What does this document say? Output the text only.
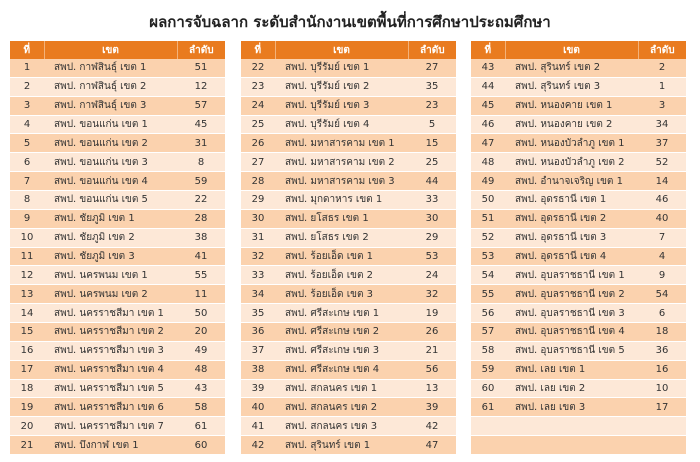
ผลการจับฉลาก ระดับสำนักงานเขตพื้นที่การศึกษาประถมศึกษา
ที่	เขต	ลำดับ
1	สพป. กาฬสินธุ์ เขต 1	51
2	สพป. กาฬสินธุ์ เขต 2	12
3	สพป. กาฬสินธุ์ เขต 3	57
4	สพป. ขอนแก่น เขต 1	45
5	สพป. ขอนแก่น เขต 2	31
6	สพป. ขอนแก่น เขต 3	8
7	สพป. ขอนแก่น เขต 4	59
8	สพป. ขอนแก่น เขต 5	22
9	สพป. ชัยภูมิ เขต 1	28
10	สพป. ชัยภูมิ เขต 2	38
11	สพป. ชัยภูมิ เขต 3	41
12	สพป. นครพนม เขต 1	55
13	สพป. นครพนม เขต 2	11
14	สพป. นครราชสีมา เขต 1	50
15	สพป. นครราชสีมา เขต 2	20
16	สพป. นครราชสีมา เขต 3	49
17	สพป. นครราชสีมา เขต 4	48
18	สพป. นครราชสีมา เขต 5	43
19	สพป. นครราชสีมา เขต 6	58
20	สพป. นครราชสีมา เขต 7	61
21	สพป. บึงกาฬ เขต 1	60
ที่	เขต	ลำดับ
22	สพป. บุรีรัมย์ เขต 1	27
23	สพป. บุรีรัมย์ เขต 2	35
24	สพป. บุรีรัมย์ เขต 3	23
25	สพป. บุรีรัมย์ เขต 4	5
26	สพป. มหาสารคาม เขต 1	15
27	สพป. มหาสารคาม เขต 2	25
28	สพป. มหาสารคาม เขต 3	44
29	สพป. มุกดาหาร เขต 1	33
30	สพป. ยโสธร เขต 1	30
31	สพป. ยโสธร เขต 2	29
32	สพป. ร้อยเอ็ด เขต 1	53
33	สพป. ร้อยเอ็ด เขต 2	24
34	สพป. ร้อยเอ็ด เขต 3	32
35	สพป. ศรีสะเกษ เขต 1	19
36	สพป. ศรีสะเกษ เขต 2	26
37	สพป. ศรีสะเกษ เขต 3	21
38	สพป. ศรีสะเกษ เขต 4	56
39	สพป. สกลนคร เขต 1	13
40	สพป. สกลนคร เขต 2	39
41	สพป. สกลนคร เขต 3	42
42	สพป. สุรินทร์ เขต 1	47
ที่	เขต	ลำดับ
43	สพป. สุรินทร์ เขต 2	2
44	สพป. สุรินทร์ เขต 3	1
45	สพป. หนองคาย เขต 1	3
46	สพป. หนองคาย เขต 2	34
47	สพป. หนองบัวลำภู เขต 1	37
48	สพป. หนองบัวลำภู เขต 2	52
49	สพป. อำนาจเจริญ เขต 1	14
50	สพป. อุดรธานี เขต 1	46
51	สพป. อุดรธานี เขต 2	40
52	สพป. อุดรธานี เขต 3	7
53	สพป. อุดรธานี เขต 4	4
54	สพป. อุบลราชธานี เขต 1	9
55	สพป. อุบลราชธานี เขต 2	54
56	สพป. อุบลราชธานี เขต 3	6
57	สพป. อุบลราชธานี เขต 4	18
58	สพป. อุบลราชธานี เขต 5	36
59	สพป. เลย เขต 1	16
60	สพป. เลย เขต 2	10
61	สพป. เลย เขต 3	17
